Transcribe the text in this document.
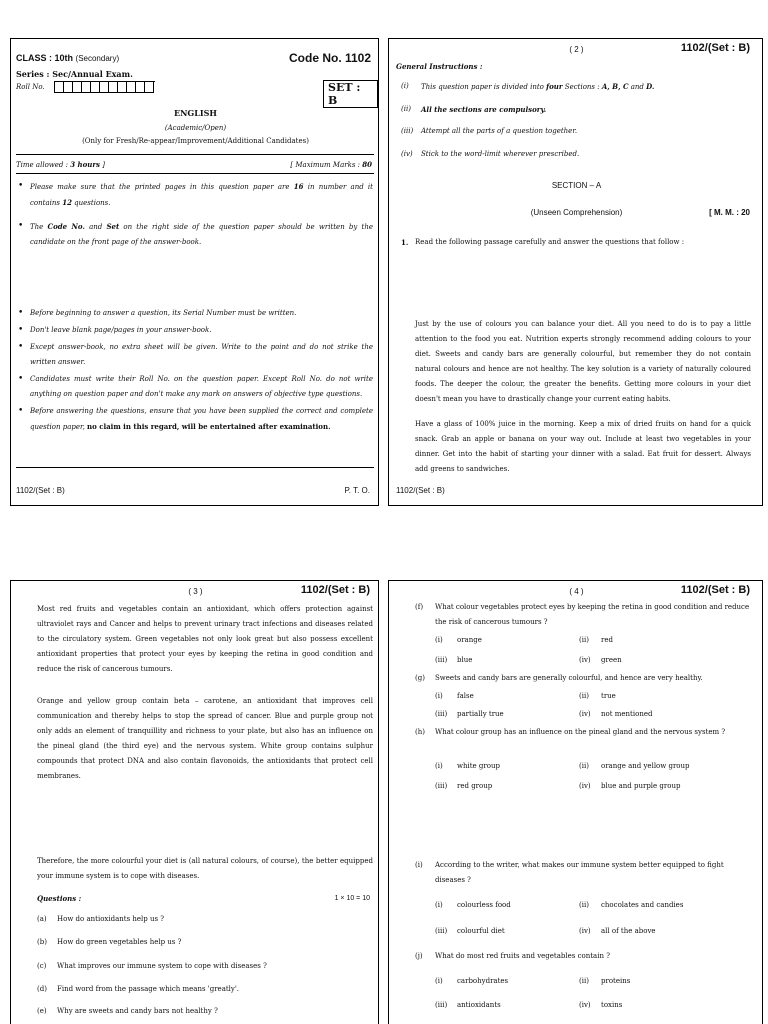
CLASS : 10th (Secondary)	Code No. 1102
Series : Sec/Annual Exam.
Roll No.	SET : B
ENGLISH
(Academic/Open)
(Only for Fresh/Re-appear/Improvement/Additional Candidates)
Time allowed : 3 hours ]	[ Maximum Marks : 80
• Please make sure that the printed pages in this question paper are 16 in number and it contains 12 questions.
• The Code No. and Set on the right side of the question paper should be written by the candidate on the front page of the answer-book.
• Before beginning to answer a question, its Serial Number must be written.
• Don't leave blank page/pages in your answer-book.
• Except answer-book, no extra sheet will be given. Write to the point and do not strike the written answer.
• Candidates must write their Roll No. on the question paper. Except Roll No. do not write anything on question paper and don't make any mark on answers of objective type questions.
• Before answering the questions, ensure that you have been supplied the correct and complete question paper, no claim in this regard, will be entertained after examination.
1102/(Set : B)	P. T. O.
( 2 )	1102/(Set : B)
General Instructions :
(i)	This question paper is divided into four Sections : A, B, C and D.
(ii)	All the sections are compulsory.
(iii)	Attempt all the parts of a question together.
(iv)	Stick to the word-limit wherever prescribed.
SECTION – A
(Unseen Comprehension)	[ M. M. : 20
1. Read the following passage carefully and answer the questions that follow :
Just by the use of colours you can balance your diet. All you need to do is to pay a little attention to the food you eat. Nutrition experts strongly recommend adding colours to your diet. Sweets and candy bars are generally colourful, but remember they do not contain natural colours and hence are not healthy. The key solution is a variety of naturally coloured foods. The deeper the colour, the greater the benefits. Getting more colours in your diet doesn't mean you have to drastically change your current eating habits.
Have a glass of 100% juice in the morning. Keep a mix of dried fruits on hand for a quick snack. Grab an apple or banana on your way out. Include at least two vegetables in your dinner. Get into the habit of starting your dinner with a salad. Eat fruit for dessert. Always add greens to sandwiches.
1102/(Set : B)
( 3 )	1102/(Set : B)
Most red fruits and vegetables contain an antioxidant, which offers protection against ultraviolet rays and Cancer and helps to prevent urinary tract infections and diseases related to the circulatory system. Green vegetables not only look great but also possess excellent antioxidant properties that protect your eyes by keeping the retina in good condition and reduce the risk of cancerous tumours.
Orange and yellow group contain beta – carotene, an antioxidant that improves cell communication and thereby helps to stop the spread of cancer. Blue and purple group not only adds an element of tranquillity and richness to your plate, but also has an influence on the pineal gland (the third eye) and the nervous system. White group contains sulphur compounds that protect DNA and also contain flavonoids, the antioxidants that protect cell membranes.
Therefore, the more colourful your diet is (all natural colours, of course), the better equipped your immune system is to cope with diseases.
Questions :	1 × 10 = 10
(a)	How do antioxidants help us ?
(b)	How do green vegetables help us ?
(c)	What improves our immune system to cope with diseases ?
(d)	Find word from the passage which means 'greatly'.
(e)	Why are sweets and candy bars not healthy ?
( 4 )	1102/(Set : B)
(f)	What colour vegetables protect eyes by keeping the retina in good condition and reduce the risk of cancerous tumours ?
(i)	orange	(ii)	red
(iii)	blue	(iv)	green
(g)	Sweets and candy bars are generally colourful, and hence are very healthy.
(i)	false	(ii)	true
(iii)	partially true	(iv)	not mentioned
(h)	What colour group has an influence on the pineal gland and the nervous system ?
(i)	white group	(ii)	orange and yellow group
(iii)	red group	(iv)	blue and purple group
(i)	According to the writer, what makes our immune system better equipped to fight diseases ?
(i)	colourless food	(ii)	chocolates and candies
(iii)	colourful diet	(iv)	all of the above
(j)	What do most red fruits and vegetables contain ?
(i)	carbohydrates	(ii)	proteins
(iii)	antioxidants	(iv)	toxins
